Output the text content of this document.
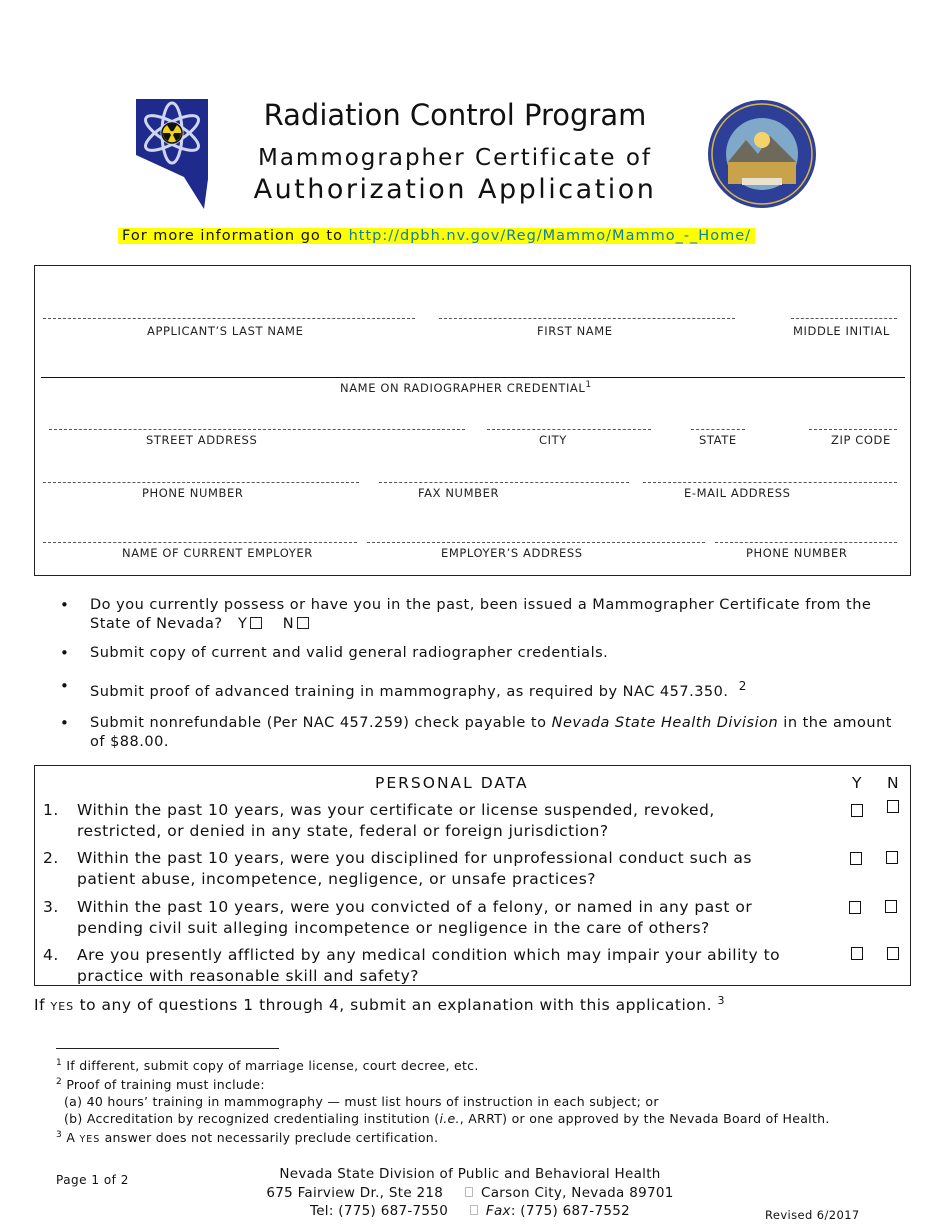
Radiation Control Program
Mammographer Certificate of
Authorization Application
For more information go to http://dpbh.nv.gov/Reg/Mammo/Mammo_-_Home/
APPLICANT’S LAST NAME	FIRST NAME	MIDDLE INITIAL
NAME ON RADIOGRAPHER CREDENTIAL$^1$
STREET ADDRESS	CITY	STATE	ZIP CODE
PHONE NUMBER	FAX NUMBER	E-MAIL ADDRESS
NAME OF CURRENT EMPLOYER	EMPLOYER’S ADDRESS	PHONE NUMBER
• Do you currently possess or have you in the past, been issued a Mammographer Certificate from the State of Nevada? Y N
• Submit copy of current and valid general radiographer credentials.
• Submit proof of advanced training in mammography, as required by NAC 457.350. $^2$
• Submit nonrefundable (Per NAC 457.259) check payable to Nevada State Health Division in the amount of $88.00.
PERSONAL DATA	Y N
1. Within the past 10 years, was your certificate or license suspended, revoked,
restricted, or denied in any state, federal or foreign jurisdiction?
2. Within the past 10 years, were you disciplined for unprofessional conduct such as
patient abuse, incompetence, negligence, or unsafe practices?
3. Within the past 10 years, were you convicted of a felony, or named in any past or
pending civil suit alleging incompetence or negligence in the care of others?
4. Are you presently afflicted by any medical condition which may impair your ability to
practice with reasonable skill and safety?
If YES to any of questions 1 through 4, submit an explanation with this application. $^3$
$^1$ If different, submit copy of marriage license, court decree, etc.
$^2$ Proof of training must include:
(a) 40 hours’ training in mammography — must list hours of instruction in each subject; or
(b) Accreditation by recognized credentialing institution (i.e., ARRT) or one approved by the Nevada Board of Health.
$^3$ A YES answer does not necessarily preclude certification.
Page 1 of 2	Nevada State Division of Public and Behavioral Health
675 Fairview Dr., Ste 218	Carson City, Nevada 89701
Tel: (775) 687-7550	Fax: (775) 687-7552	Revised 6/2017
